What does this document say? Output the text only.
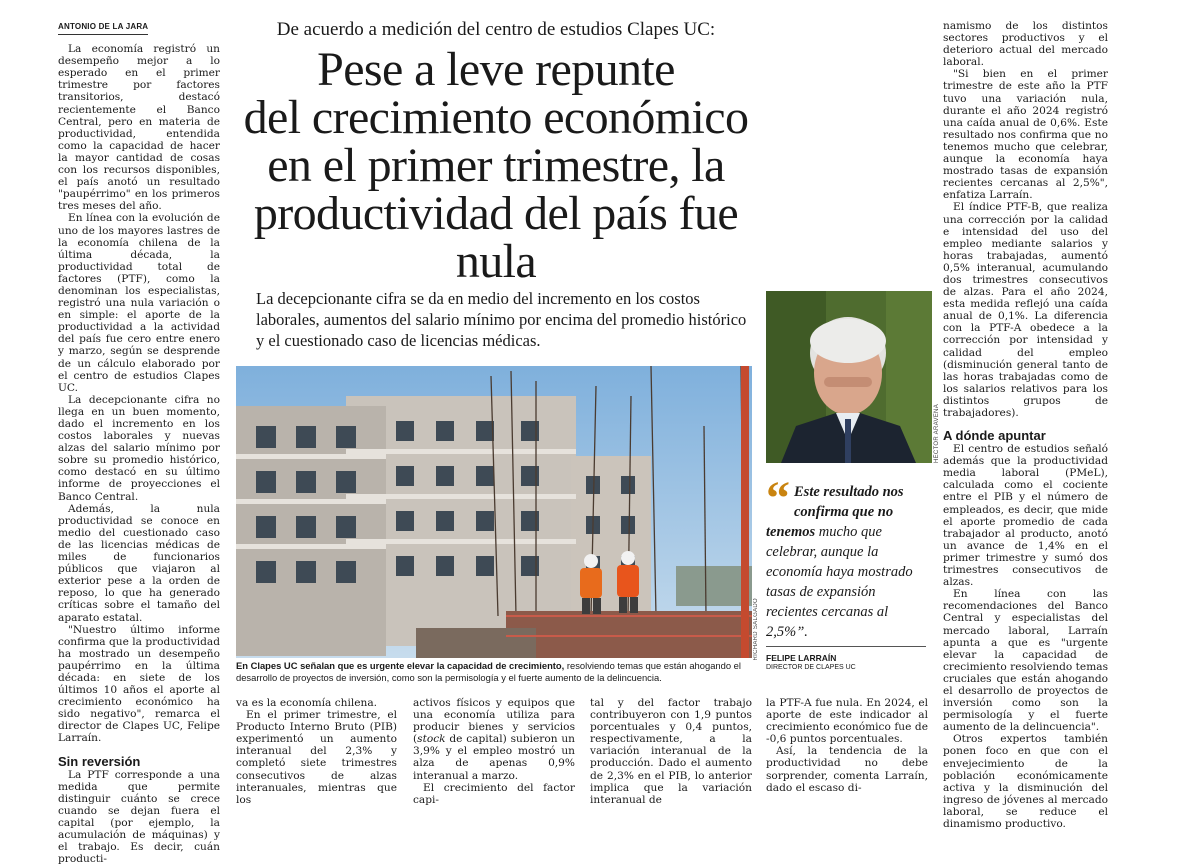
ANTONIO DE LA JARA

La economía registró un desempeño mejor a lo esperado en el primer trimestre por factores transitorios, destacó recientemente el Banco Central, pero en materia de productividad, entendida como la capacidad de hacer la mayor cantidad de cosas con los recursos disponibles, el país anotó un resultado "paupérrimo" en los primeros tres meses del año.

En línea con la evolución de uno de los mayores lastres de la economía chilena de la última década, la productividad total de factores (PTF), como la denominan los especialistas, registró una nula variación o en simple: el aporte de la productividad a la actividad del país fue cero entre enero y marzo, según se desprende de un cálculo elaborado por el centro de estudios Clapes UC.

La decepcionante cifra no llega en un buen momento, dado el incremento en los costos laborales y nuevas alzas del salario mínimo por sobre su promedio histórico, como destacó en su último informe de proyecciones el Banco Central.

Además, la nula productividad se conoce en medio del cuestionado caso de las licencias médicas de miles de funcionarios públicos que viajaron al exterior pese a la orden de reposo, lo que ha generado críticas sobre el tamaño del aparato estatal.

"Nuestro último informe confirma que la productividad ha mostrado un desempeño paupérrimo en la última década: en siete de los últimos 10 años el aporte al crecimiento económico ha sido negativo", remarca el director de Clapes UC, Felipe Larraín.

Sin reversión

La PTF corresponde a una medida que permite distinguir cuánto se crece cuando se dejan fuera el capital (por ejemplo, la acumulación de máquinas) y el trabajo. Es decir, cuán producti-

De acuerdo a medición del centro de estudios Clapes UC:
Pese a leve repunte
del crecimiento económico
en el primer trimestre, la
productividad del país fue nula
La decepcionante cifra se da en medio del incremento en los costos laborales, aumentos del salario mínimo por encima del promedio histórico y el cuestionado caso de licencias médicas.
RICHARD SALGADO
En Clapes UC señalan que es urgente elevar la capacidad de crecimiento, resolviendo temas que están ahogando el desarrollo de proyectos de inversión, como son la permisología y el fuerte aumento de la delincuencia.
HÉCTOR ARAVENA
“ Este resultado nos confirma que no tenemos mucho que celebrar, aunque la economía haya mostrado tasas de expansión recientes cercanas al 2,5%”.
FELIPE LARRAÍN
DIRECTOR DE CLAPES UC

va es la economía chilena.

En el primer trimestre, el Producto Interno Bruto (PIB) experimentó un aumento interanual del 2,3% y completó siete trimestres consecutivos de alzas interanuales, mientras que los

activos físicos y equipos que una economía utiliza para producir bienes y servicios (stock de capital) subieron un 3,9% y el empleo mostró un alza de apenas 0,9% interanual a marzo.

El crecimiento del factor capi-

tal y del factor trabajo contribuyeron con 1,9 puntos porcentuales y 0,4 puntos, respectivamente, a la variación interanual de la producción. Dado el aumento de 2,3% en el PIB, lo anterior implica que la variación interanual de

la PTF-A fue nula. En 2024, el aporte de este indicador al crecimiento económico fue de -0,6 puntos porcentuales.

Así, la tendencia de la productividad no debe sorprender, comenta Larraín, dado el escaso di-

namismo de los distintos sectores productivos y el deterioro actual del mercado laboral.

"Si bien en el primer trimestre de este año la PTF tuvo una variación nula, durante el año 2024 registró una caída anual de 0,6%. Este resultado nos confirma que no tenemos mucho que celebrar, aunque la economía haya mostrado tasas de expansión recientes cercanas al 2,5%", enfatiza Larraín.

El índice PTF-B, que realiza una corrección por la calidad e intensidad del uso del empleo mediante salarios y horas trabajadas, aumentó 0,5% interanual, acumulando dos trimestres consecutivos de alzas. Para el año 2024, esta medida reflejó una caída anual de 0,1%. La diferencia con la PTF-A obedece a la corrección por intensidad y calidad del empleo (disminución general tanto de las horas trabajadas como de los salarios relativos para los distintos grupos de trabajadores).

A dónde apuntar

El centro de estudios señaló además que la productividad media laboral (PMeL), calculada como el cociente entre el PIB y el número de empleados, es decir, que mide el aporte promedio de cada trabajador al producto, anotó un avance de 1,4% en el primer trimestre y sumó dos trimestres consecutivos de alzas.

En línea con las recomendaciones del Banco Central y especialistas del mercado laboral, Larraín apunta a que es "urgente elevar la capacidad de crecimiento resolviendo temas cruciales que están ahogando el desarrollo de proyectos de inversión como son la permisología y el fuerte aumento de la delincuencia".

Otros expertos también ponen foco en que con el envejecimiento de la población económicamente activa y la disminución del ingreso de jóvenes al mercado laboral, se reduce el dinamismo productivo.
